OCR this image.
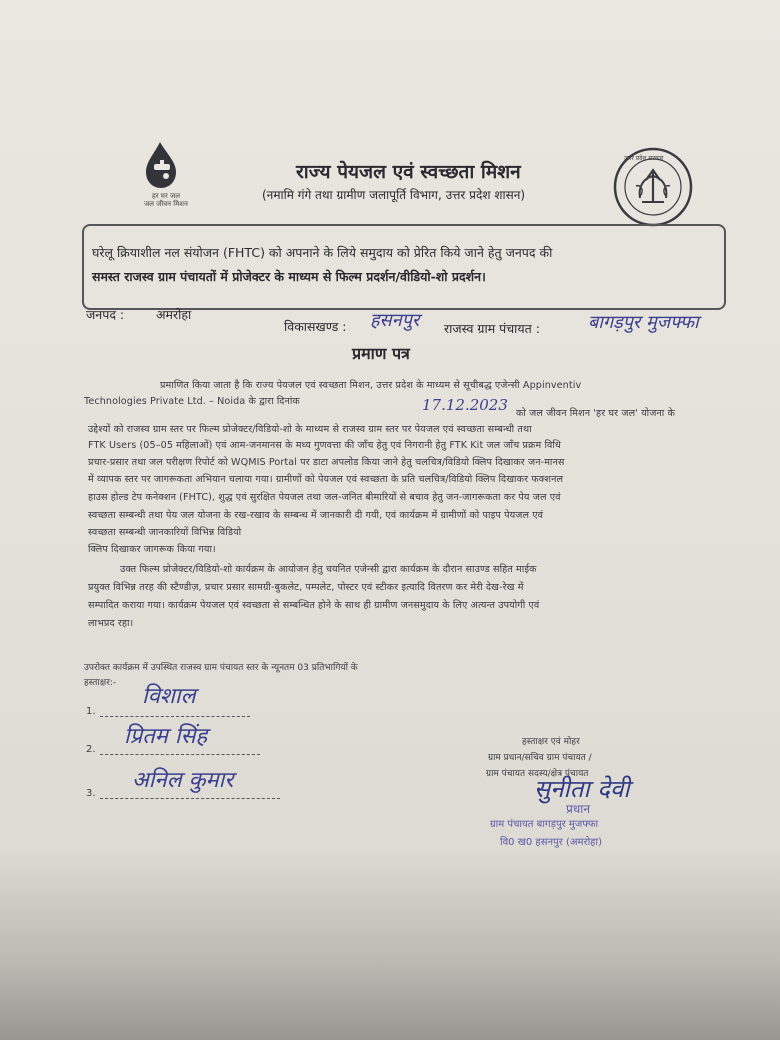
हर घर जल
जल जीवन मिशन
राज्य पेयजल एवं स्वच्छता मिशन
(नमामि गंगे तथा ग्रामीण जलापूर्ति विभाग, उत्तर प्रदेश शासन)
उत्तर प्रदेश सरकार
घरेलू क्रियाशील नल संयोजन (FHTC) को अपनाने के लिये समुदाय को प्रेरित किये जाने हेतु जनपद की
समस्त राजस्व ग्राम पंचायतों में प्रोजेक्टर के माध्यम से फिल्म प्रदर्शन/वीडियो-शो प्रदर्शन।
जनपद :	अमरोहा
विकासखण्ड : हसनपुर राजस्व ग्राम पंचायत :	बागड़पुर मुजफ्फा
प्रमाण पत्र
प्रमाणित किया जाता है कि राज्य पेयजल एवं स्वच्छता मिशन, उत्तर प्रदेश के माध्यम से सूचीबद्ध एजेन्सी Appinventiv
Technologies Private Ltd. – Noida के द्वारा दिनांक	17.12.2023 को जल जीवन मिशन 'हर घर जल' योजना के
उद्देश्यों को राजस्व ग्राम स्तर पर फिल्म प्रोजेक्टर/विडियो-शो के माध्यम से राजस्व ग्राम स्तर पर पेयजल एवं स्वच्छता सम्बन्धी तथा
FTK Users (05–05 महिलाओं) एवं आम-जनमानस के मध्य गुणवत्ता की जाँच हेतु एवं निगरानी हेतु FTK Kit जल जाँच प्रक्रम विधि
प्रचार-प्रसार तथा जल परीक्षण रिपोर्ट को WQMIS Portal पर डाटा अपलोड किया जाने हेतु चलचित्र/विडियो क्लिप दिखाकर जन-मानस
में व्यापक स्तर पर जागरूकता अभियान चलाया गया। ग्रामीणों को पेयजल एवं स्वच्छता के प्रति चलचित्र/विडियो क्लिप दिखाकर फक्शनल
हाउस होल्ड टेप कनेक्शन (FHTC), शुद्ध एवं सुरक्षित पेयजल तथा जल-जनित बीमारियों से बचाव हेतु जन-जागरूकता कर पेय जल एवं
स्वच्छता सम्बन्धी तथा पेय जल योजना के रख-रखाव के सम्बन्ध में जानकारी दी गयी, एवं कार्यक्रम में ग्रामीणों को पाइप पेयजल एवं
स्वच्छता सम्बन्धी जानकारियों विभिन्न विडियो
क्लिप दिखाकर जागरूक किया गया।
उक्त फिल्म प्रोजेक्टर/विडियो-शो कार्यक्रम के आयोजन हेतु चयनित एजेन्सी द्वारा कार्यक्रम के दौरान साउण्ड सहित माईक
प्रयुक्त विभिन्न तरह की स्टैण्डीज़, प्रचार प्रसार सामग्री-बुकलेट, पम्पलेट, पोस्टर एवं स्टीकर इत्यादि वितरण कर मेरी देख-रेख में
सम्पादित कराया गया। कार्यक्रम पेयजल एवं स्वच्छता से सम्बन्धित होने के साथ ही ग्रामीण जनसमुदाय के लिए अत्यन्त उपयोगी एवं
लाभप्रद रहा।
उपरोक्त कार्यक्रम में उपस्थित राजस्व ग्राम पंचायत स्तर के न्यूनतम 03 प्रतिभागियों के
हस्ताक्षर:-
1.
विशाल
2.
प्रितम सिंह
3.
अनिल कुमार
हस्ताक्षर एवं मोहर
ग्राम प्रधान/सचिव ग्राम पंचायत /
ग्राम पंचायत सदस्य/क्षेत्र पंचायत
सुनीता देवी
प्रधान
ग्राम पंचायत बागड़पुर मुजफ्फा
वि0 ख0 हसनपुर (अमरोहा)
